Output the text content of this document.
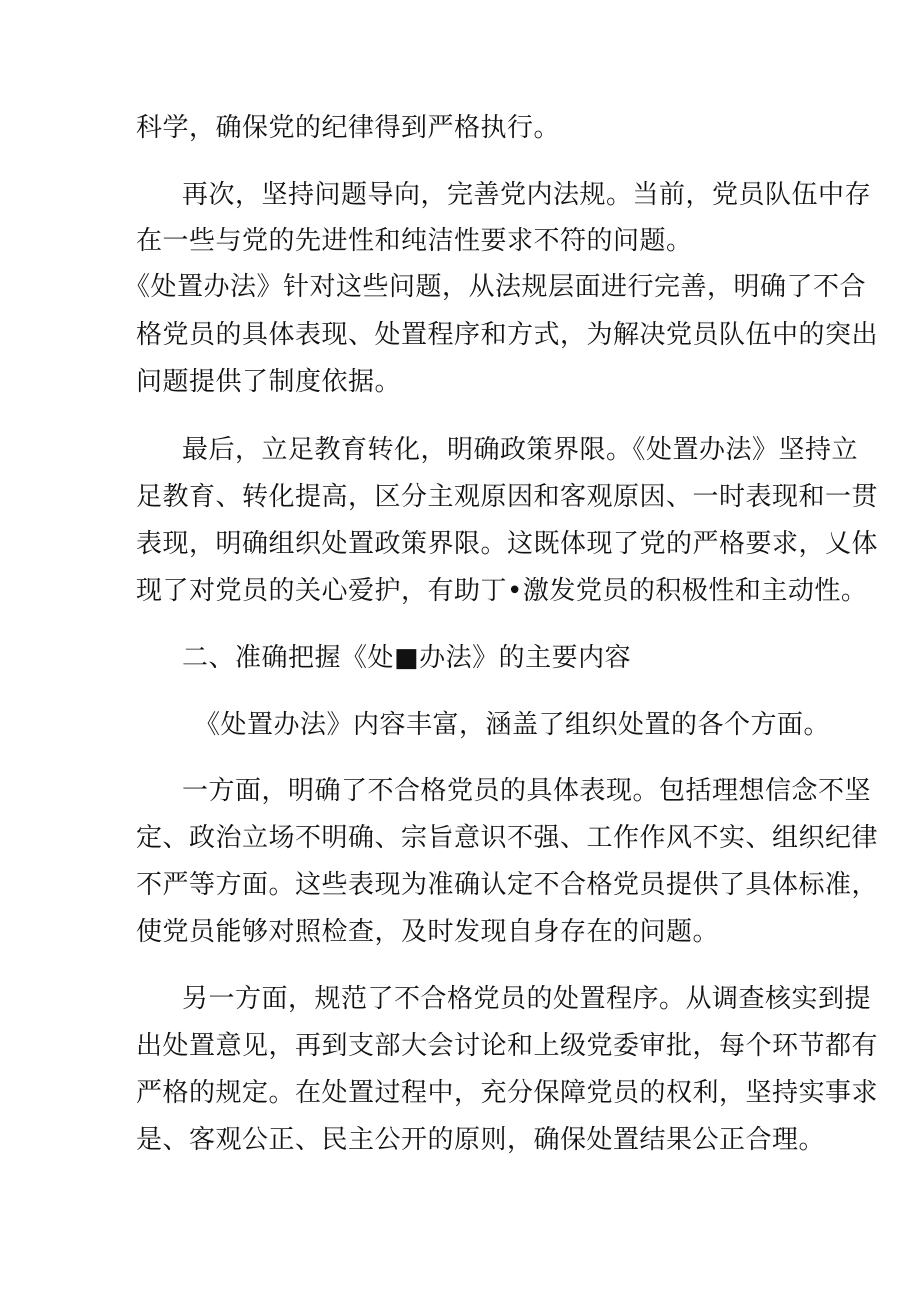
科学，确保党的纪律得到严格执行。
再次，坚持问题导向，完善党内法规。当前，党员队伍中存
在一些与党的先进性和纯洁性要求不符的问题。
《处置办法》针对这些问题，从法规层面进行完善，明确了不合
格党员的具体表现、处置程序和方式，为解决党员队伍中的突出
问题提供了制度依据。
最后，立足教育转化，明确政策界限。《处置办法》坚持立
足教育、转化提高，区分主观原因和客观原因、一时表现和一贯
表现，明确组织处置政策界限。这既体现了党的严格要求，乂体
现了对党员的关心爱护，有助丁•激发党员的积极性和主动性。
二、准确把握《处■办法》的主要内容
《处置办法》内容丰富，涵盖了组织处置的各个方面。
一方面，明确了不合格党员的具体表现。包括理想信念不坚
定、政治立场不明确、宗旨意识不强、工作作风不实、组织纪律
不严等方面。这些表现为准确认定不合格党员提供了具体标准，
使党员能够对照检查，及时发现自身存在的问题。
另一方面，规范了不合格党员的处置程序。从调查核实到提
出处置意见，再到支部大会讨论和上级党委审批，每个环节都有
严格的规定。在处置过程中，充分保障党员的权利，坚持实事求
是、客观公正、民主公开的原则，确保处置结果公正合理。
